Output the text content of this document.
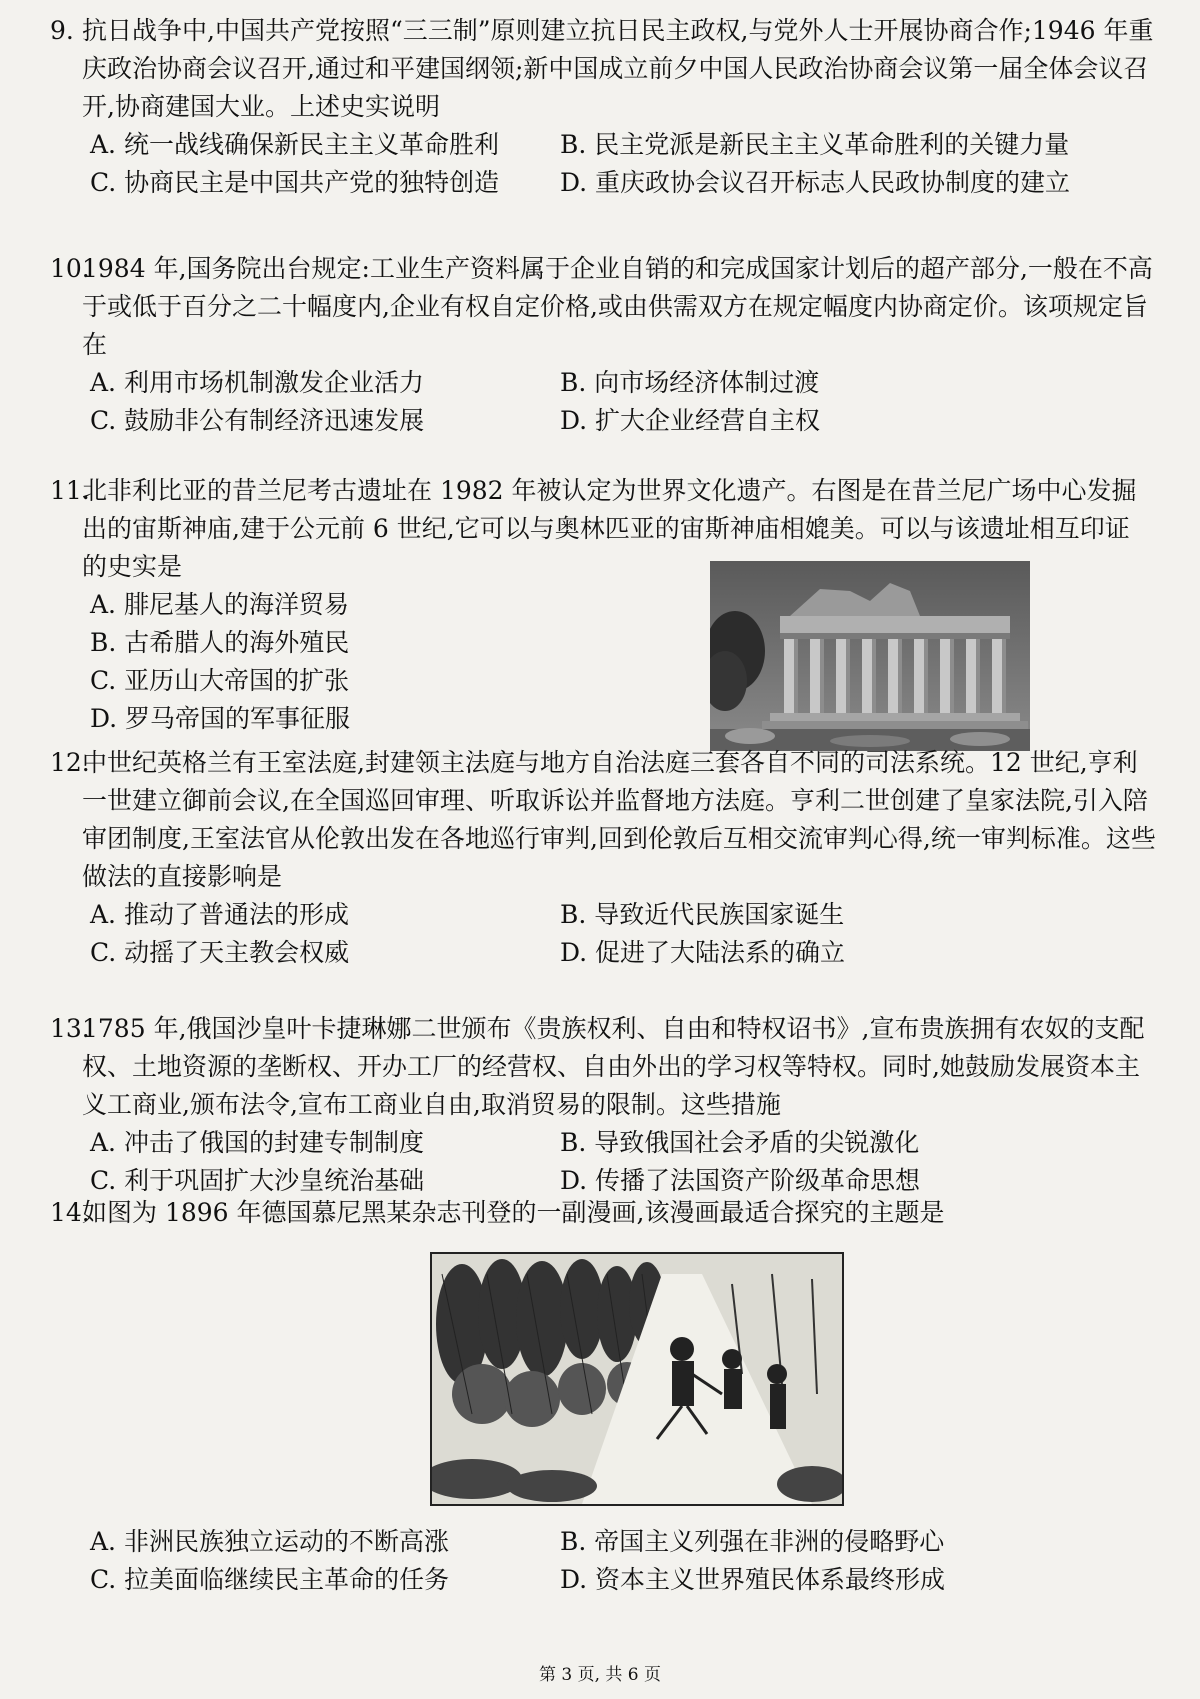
9. 抗日战争中,中国共产党按照“三三制”原则建立抗日民主政权,与党外人士开展协商合作;1946 年重庆政治协商会议召开,通过和平建国纲领;新中国成立前夕中国人民政治协商会议第一届全体会议召开,协商建国大业。上述史实说明
A. 统一战线确保新民主主义革命胜利	B. 民主党派是新民主主义革命胜利的关键力量
C. 协商民主是中国共产党的独特创造	D. 重庆政协会议召开标志人民政协制度的建立
10.
1984 年,国务院出台规定:工业生产资料属于企业自销的和完成国家计划后的超产部分,一般在不高于或低于百分之二十幅度内,企业有权自定价格,或由供需双方在规定幅度内协商定价。该项规定旨在
A. 利用市场机制激发企业活力	B. 向市场经济体制过渡
C. 鼓励非公有制经济迅速发展	D. 扩大企业经营自主权
11.
北非利比亚的昔兰尼考古遗址在 1982 年被认定为世界文化遗产。右图是在昔兰尼广场中心发掘出的宙斯神庙,建于公元前 6 世纪,它可以与奥林匹亚的宙斯神庙相媲美。可以与该遗址相互印证的史实是
A. 腓尼基人的海洋贸易
B. 古希腊人的海外殖民
C. 亚历山大帝国的扩张
D. 罗马帝国的军事征服
12.
中世纪英格兰有王室法庭,封建领主法庭与地方自治法庭三套各自不同的司法系统。12 世纪,亨利一世建立御前会议,在全国巡回审理、听取诉讼并监督地方法庭。亨利二世创建了皇家法院,引入陪审团制度,王室法官从伦敦出发在各地巡行审判,回到伦敦后互相交流审判心得,统一审判标准。这些做法的直接影响是
A. 推动了普通法的形成	B. 导致近代民族国家诞生
C. 动摇了天主教会权威	D. 促进了大陆法系的确立
13.
1785 年,俄国沙皇叶卡捷琳娜二世颁布《贵族权利、自由和特权诏书》,宣布贵族拥有农奴的支配权、土地资源的垄断权、开办工厂的经营权、自由外出的学习权等特权。同时,她鼓励发展资本主义工商业,颁布法令,宣布工商业自由,取消贸易的限制。这些措施
A. 冲击了俄国的封建专制制度	B. 导致俄国社会矛盾的尖锐激化
C. 利于巩固扩大沙皇统治基础	D. 传播了法国资产阶级革命思想
14.
如图为 1896 年德国慕尼黑某杂志刊登的一副漫画,该漫画最适合探究的主题是
A. 非洲民族独立运动的不断高涨	B. 帝国主义列强在非洲的侵略野心
C. 拉美面临继续民主革命的任务	D. 资本主义世界殖民体系最终形成
第 3 页, 共 6 页
